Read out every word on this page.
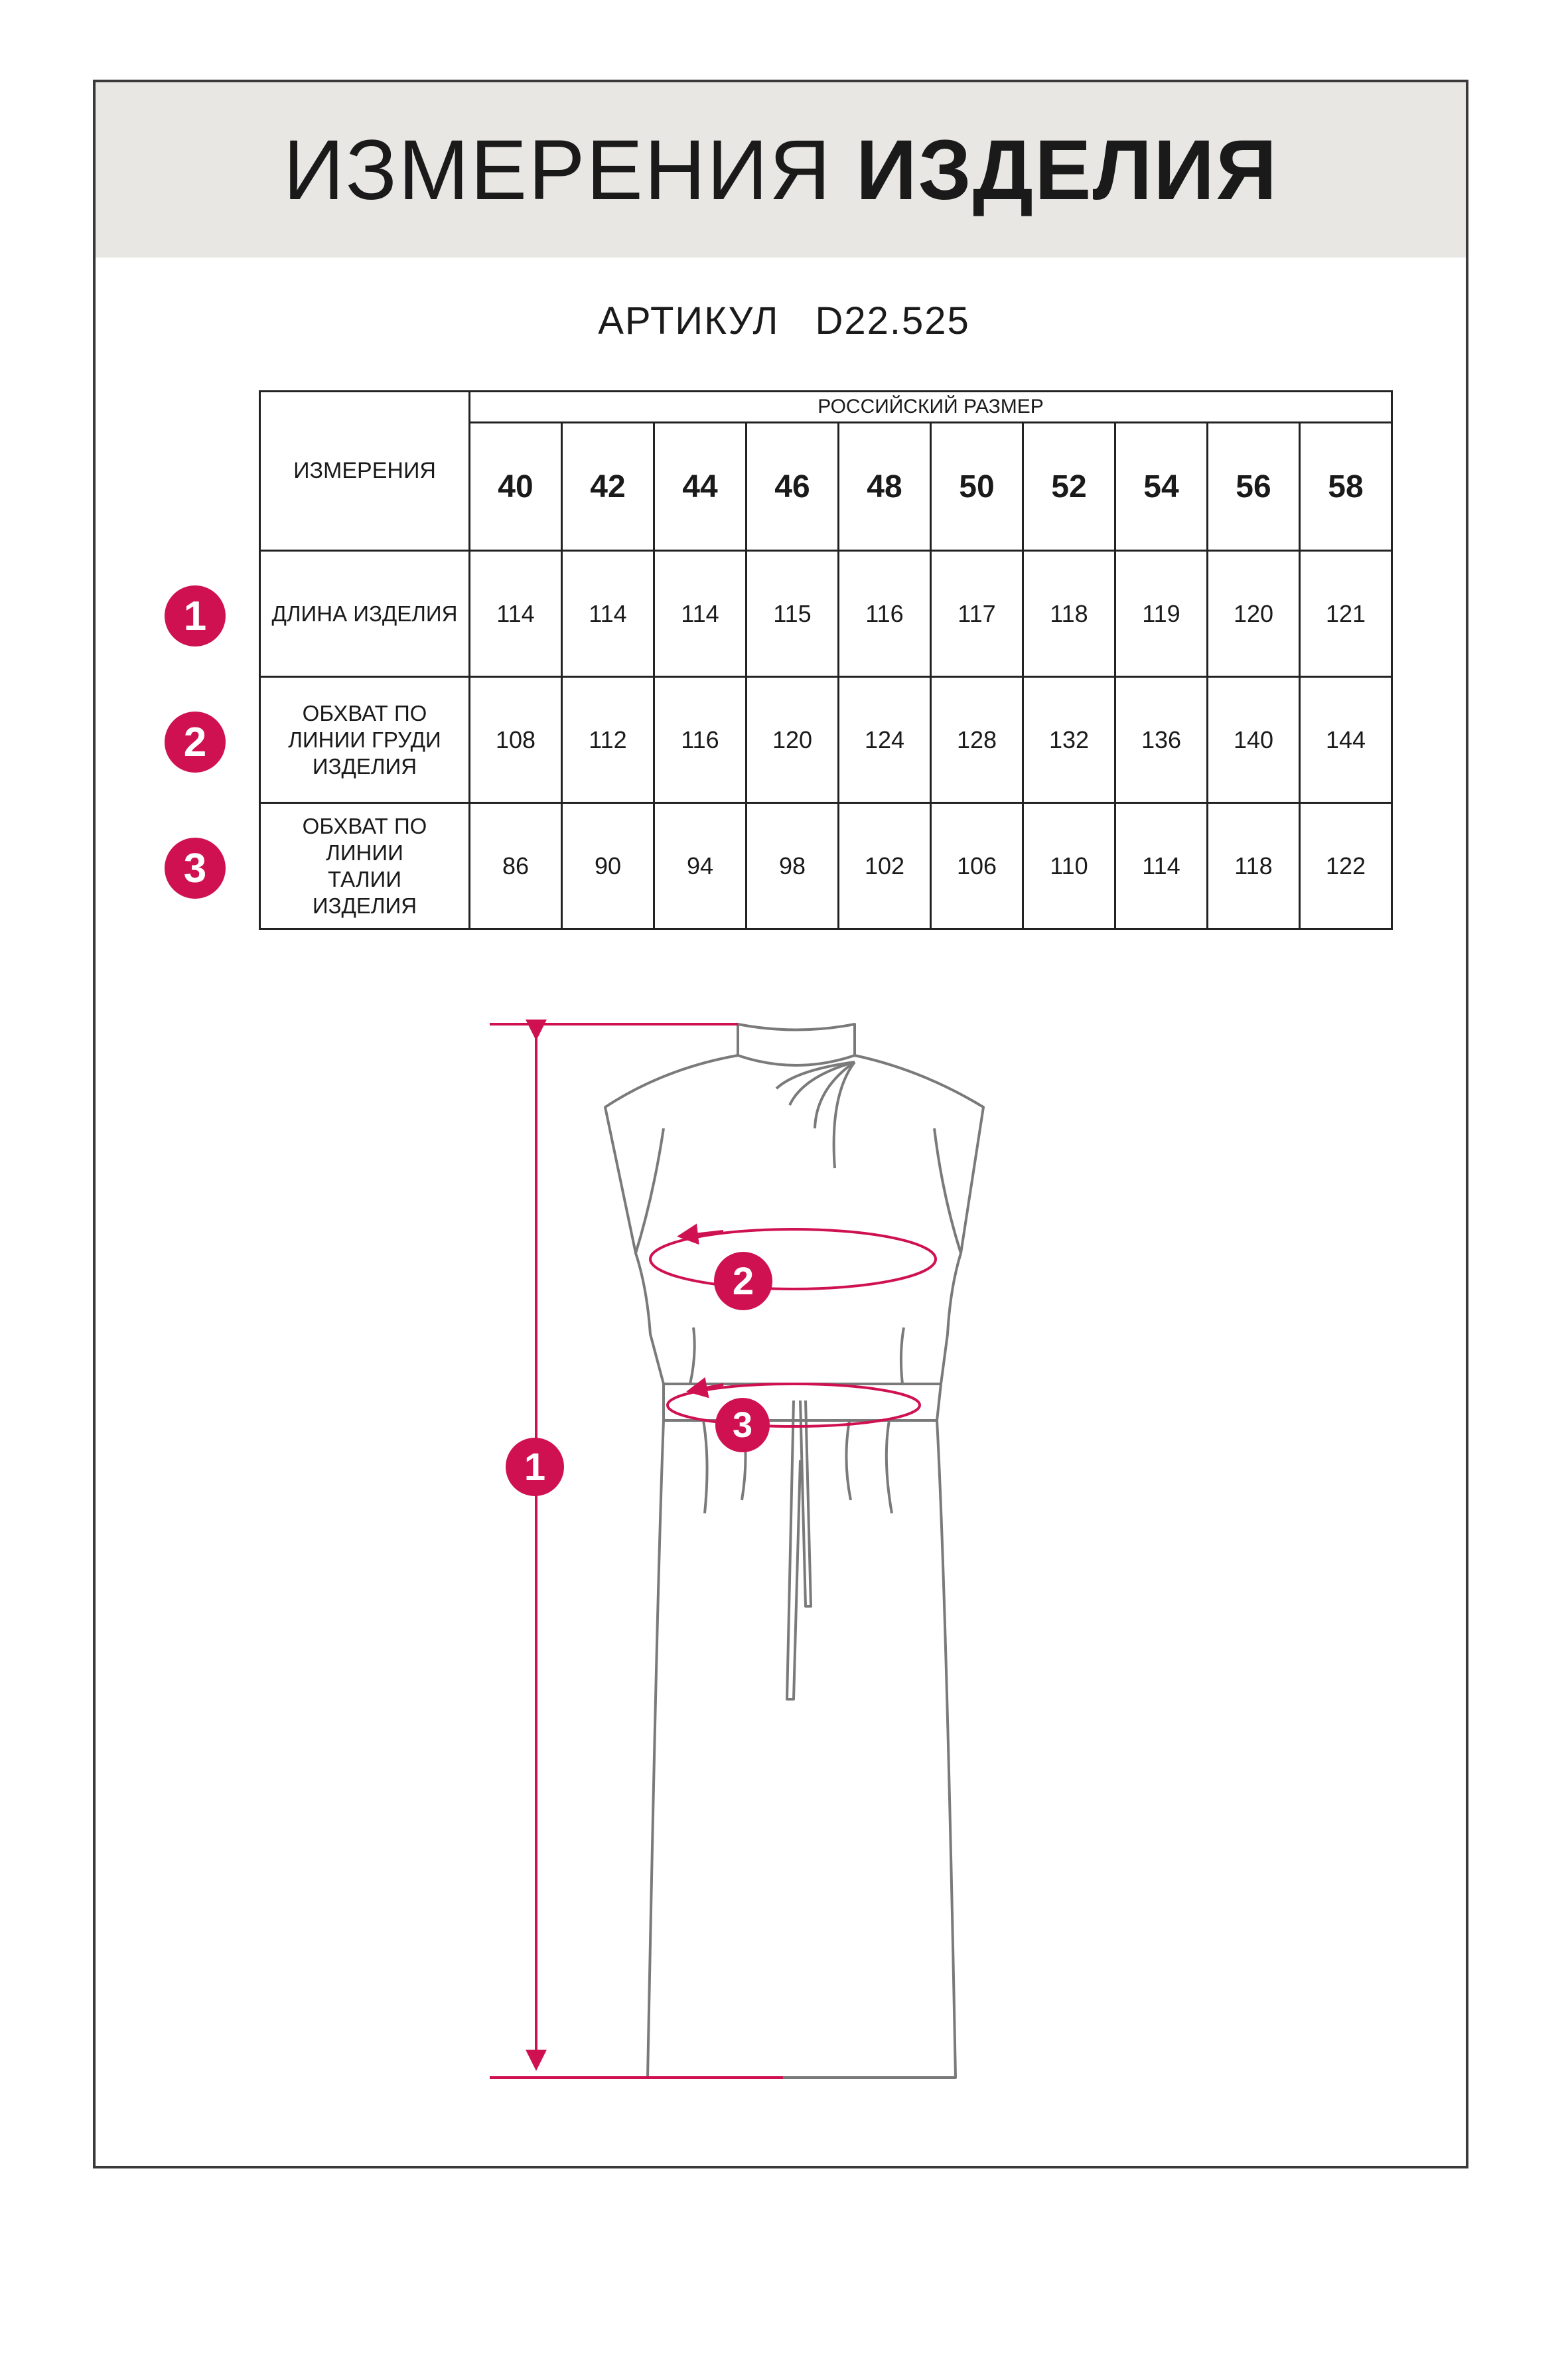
ИЗМЕРЕНИЯ ИЗДЕЛИЯ
АРТИКУЛ D22.525
ИЗМЕРЕНИЯ	РОССИЙСКИЙ РАЗМЕР									
	40	42	44	46	48	50	52	54	56	58
ДЛИНА ИЗДЕЛИЯ	114	114	114	115	116	117	118	119	120	121
ОБХВАТ ПО ЛИНИИ ГРУДИ ИЗДЕЛИЯ	108	112	116	120	124	128	132	136	140	144
ОБХВАТ ПО ЛИНИИ ТАЛИИ ИЗДЕЛИЯ	86	90	94	98	102	106	110	114	118	122
1
2
3
1
2
3
